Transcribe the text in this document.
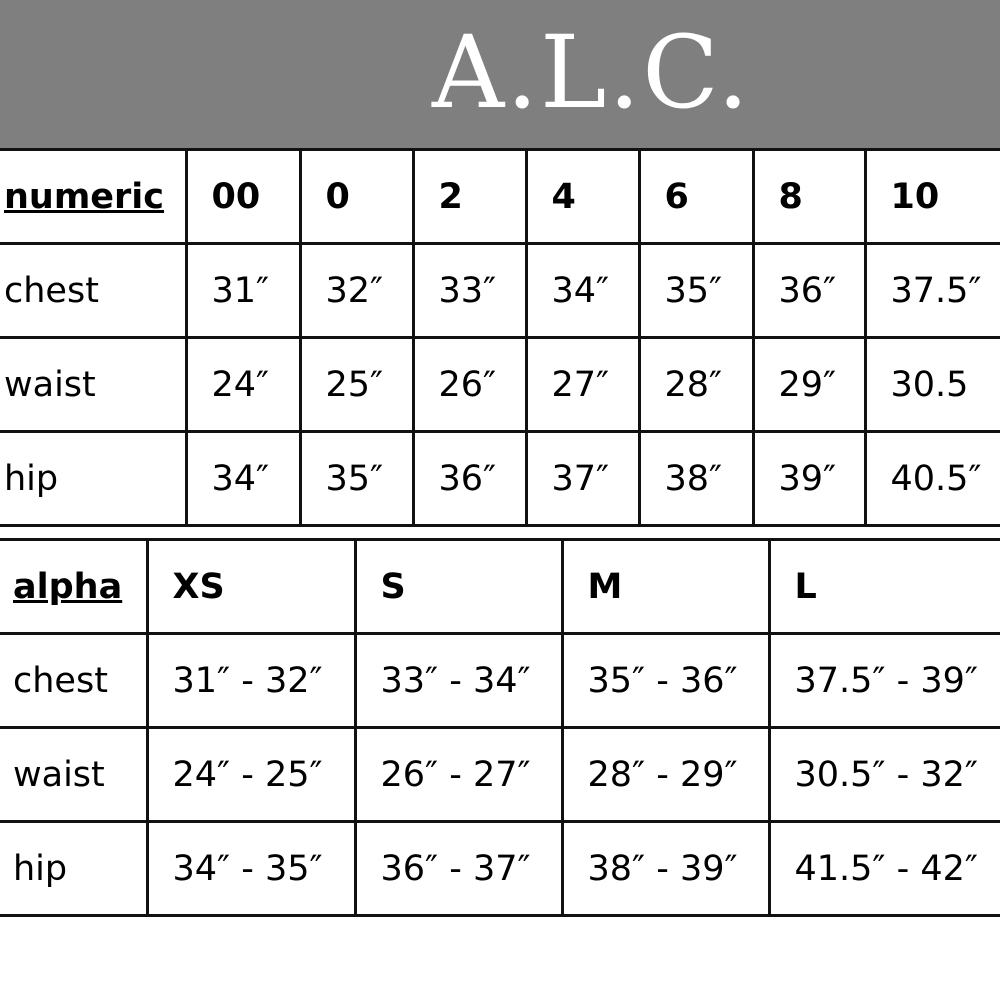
A.L.C.
numeric	00	0	2	4	6	8	10
chest	31″	32″	33″	34″	35″	36″	37.5″
waist	24″	25″	26″	27″	28″	29″	30.5
hip	34″	35″	36″	37″	38″	39″	40.5″
alpha	XS	S	M	L
chest	31″ - 32″	33″ - 34″	35″ - 36″	37.5″ - 39″
waist	24″ - 25″	26″ - 27″	28″ - 29″	30.5″ - 32″
hip	34″ - 35″	36″ - 37″	38″ - 39″	41.5″ - 42″
